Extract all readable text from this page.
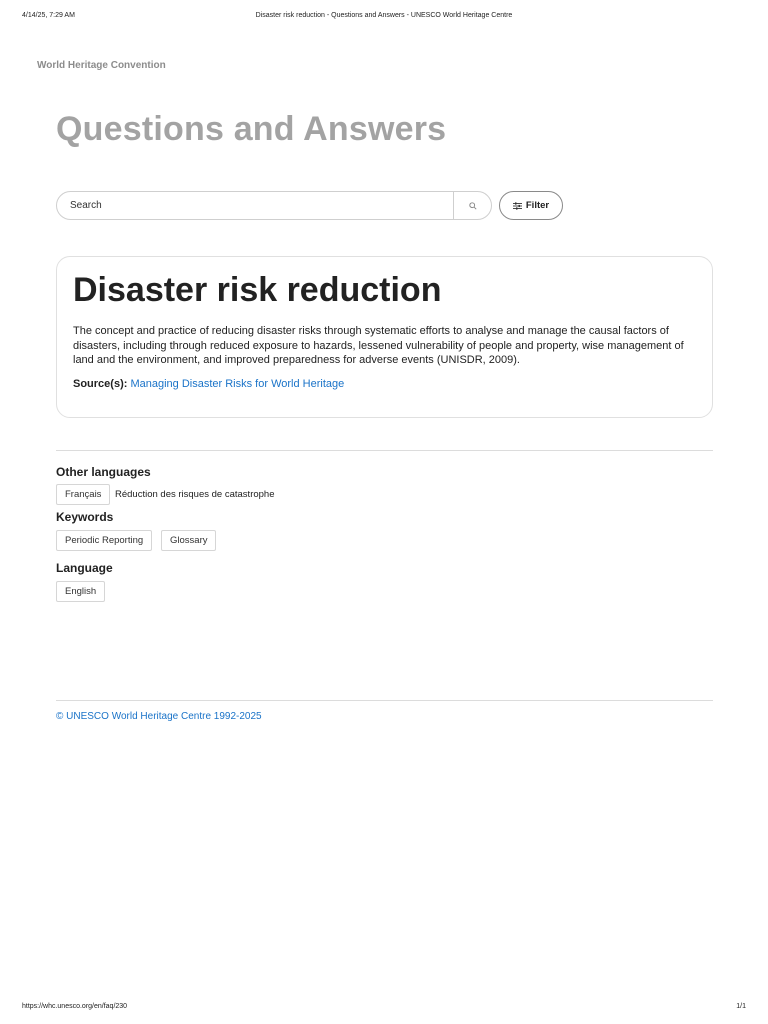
4/14/25, 7:29 AM	Disaster risk reduction - Questions and Answers - UNESCO World Heritage Centre
World Heritage Convention
Questions and Answers
Search
Filter
Disaster risk reduction

The concept and practice of reducing disaster risks through systematic efforts to analyse and manage the causal factors of disasters, including through reduced exposure to hazards, lessened vulnerability of people and property, wise management of land and the environment, and improved preparedness for adverse events (UNISDR, 2009).

Source(s): Managing Disaster Risks for World Heritage
Other languages
Français	Réduction des risques de catastrophe
Keywords
Periodic Reporting	Glossary
Language
English
© UNESCO World Heritage Centre 1992-2025
https://whc.unesco.org/en/faq/230	1/1
